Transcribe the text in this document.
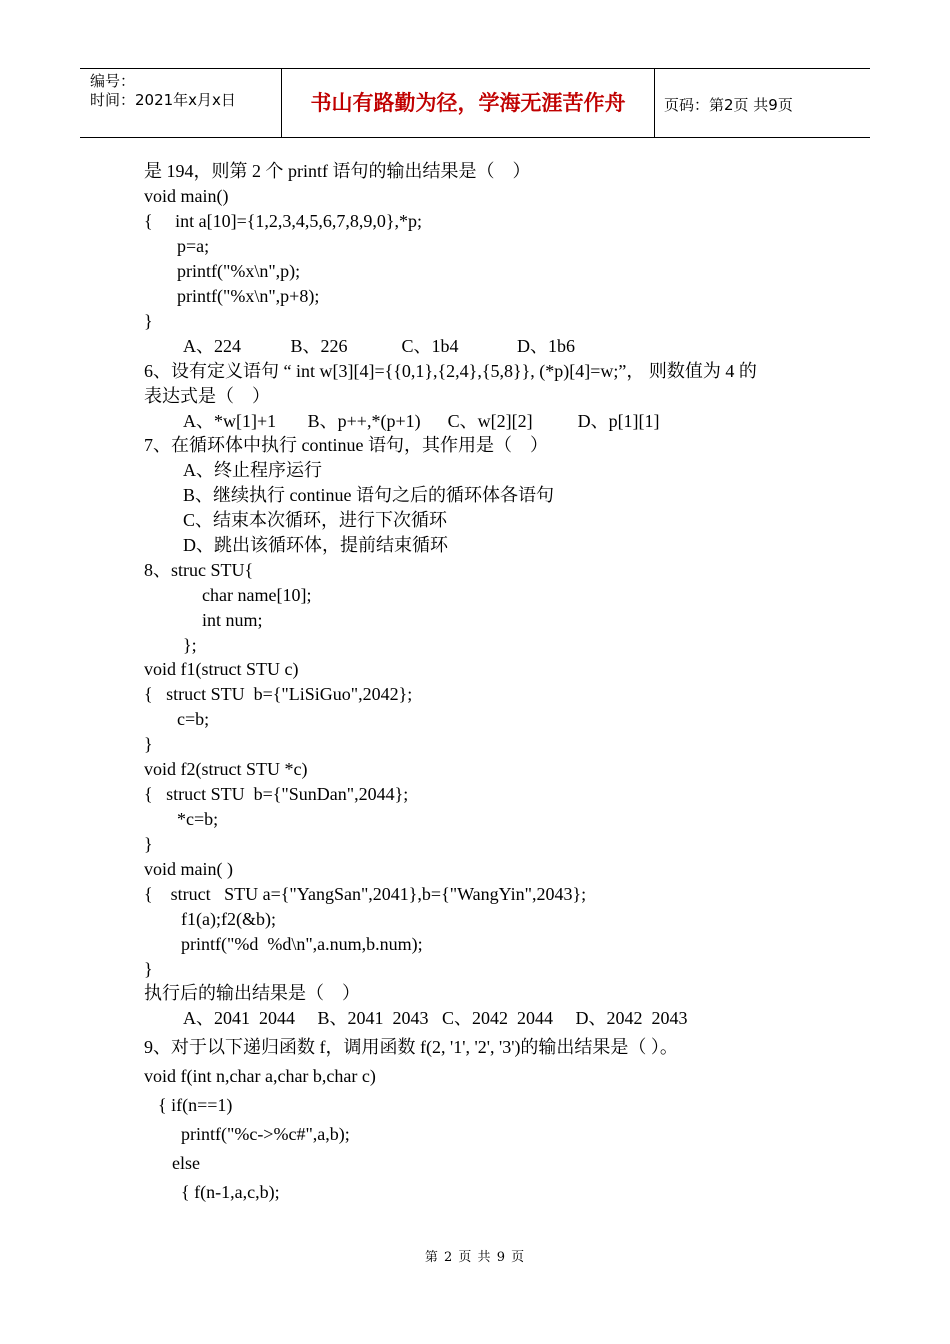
编号：
时间：2021年x月x日	书山有路勤为径，学海无涯苦作舟	页码：第2页 共9页
是 194，则第 2 个 printf 语句的输出结果是（　）
void main()
{     int a[10]={1,2,3,4,5,6,7,8,9,0},*p;
p=a;
printf("%x\n",p);
printf("%x\n",p+8);
}
A、224           B、226            C、1b4             D、1b6
6、设有定义语句 “ int w[3][4]={{0,1},{2,4},{5,8}}, (*p)[4]=w;”， 则数值为 4 的
表达式是（　）
A、*w[1]+1       B、p++,*(p+1)      C、w[2][2]          D、p[1][1]
7、在循环体中执行 continue 语句，其作用是（　）
A、终止程序运行
B、继续执行 continue 语句之后的循环体各语句
C、结束本次循环，进行下次循环
D、跳出该循环体，提前结束循环
8、struc STU{
char name[10];
int num;
};
void f1(struct STU c)
{   struct STU  b={"LiSiGuo",2042};
c=b;
}
void f2(struct STU *c)
{   struct STU  b={"SunDan",2044};
*c=b;
}
void main( )
{    struct   STU a={"YangSan",2041},b={"WangYin",2043};
f1(a);f2(&b);
printf("%d  %d\n",a.num,b.num);
}
执行后的输出结果是（　）
A、2041  2044     B、2041  2043   C、2042  2044     D、2042  2043
9、对于以下递归函数 f，调用函数 f(2, '1', '2', '3')的输出结果是（ ）。
void f(int n,char a,char b,char c)
{ if(n==1)
printf("%c->%c#",a,b);
else
{ f(n-1,a,c,b);
第 2 页 共 9 页
